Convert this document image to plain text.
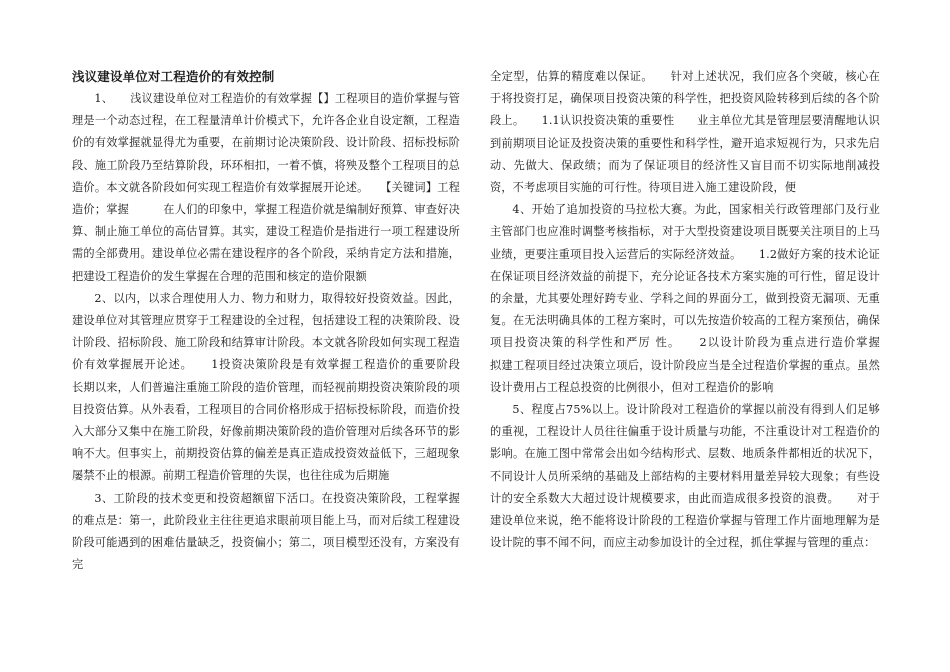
浅议建设单位对工程造价的有效控制

1、　　浅议建设单位对工程造价的有效掌握【】工程项目的造价掌握与管理是一个动态过程，在工程量清单计价模式下，允许各企业自设定额，工程造价的有效掌握就显得尤为重要，在前期讨论决策阶段、设计阶段、招标投标阶段、施工阶段乃至结算阶段，环环相扣，一着不慎，将殃及整个工程项目的总造价。本文就各阶段如何实现工程造价有效掌握展开论述。　　【关键词】工程造价；掌握　　　在人们的印象中，掌握工程造价就是编制好预算、审查好决算、制止施工单位的高估冒算。其实，建设工程造价是指进行一项工程建设所需的全部费用。建设单位必需在建设程序的各个阶段，采纳肯定方法和措施，把建设工程造价的发生掌握在合理的范围和核定的造价限额

2、以内，以求合理使用人力、物力和财力，取得较好投资效益。因此，建设单位对其管理应贯穿于工程建设的全过程，包括建设工程的决策阶段、设计阶段、招标阶段、施工阶段和结算审计阶段。本文就各阶段如何实现工程造价有效掌握展开论述。　　1投资决策阶段是有效掌握工程造价的重要阶段　　长期以来，人们普遍注重施工阶段的造价管理，而轻视前期投资决策阶段的项目投资估算。从外表看，工程项目的合同价格形成于招标投标阶段，而造价投入大部分又集中在施工阶段，好像前期决策阶段的造价管理对后续各环节的影响不大。但事实上，前期投资估算的偏差是真正造成投资效益低下，三超现象屡禁不止的根源。前期工程造价管理的失误，也往往成为后期施

3、工阶段的技术变更和投资超额留下活口。在投资决策阶段，工程掌握的难点是：第一，此阶段业主往往更追求眼前项目能上马，而对后续工程建设阶段可能遇到的困难估量缺乏，投资偏小；第二，项目模型还没有，方案没有完

全定型，估算的精度难以保证。　　针对上述状况，我们应各个突破，核心在于将投资打足，确保项目投资决策的科学性，把投资风险转移到后续的各个阶段上。　　1.1认识投资决策的重要性　　业主单位尤其是管理层要清醒地认识到前期项目论证及投资决策的重要性和科学性，避开追求短视行为，只求先启动、先做大、保政绩；而为了保证项目的经济性又盲目而不切实际地削减投资，不考虑项目实施的可行性。待项目进入施工建设阶段，便

4、开始了追加投资的马拉松大赛。为此，国家相关行政管理部门及行业主管部门也应准时调整考核指标，对于大型投资建设项目既要关注项目的上马业绩，更要注重项目投入运营后的实际经济效益。　　1.2做好方案的技术论证　　在保证项目经济效益的前提下，充分论证各技术方案实施的可行性，留足设计的余量，尤其要处理好跨专业、学科之间的界面分工，做到投资无漏项、无重复。在无法明确具体的工程方案时，可以先按造价较高的工程方案预估，确保项目投资决策的科学性和严厉 性。　　2以设计阶段为重点进行造价掌握　　拟建工程项目经过决策立项后，设计阶段应当是全过程造价掌握的重点。虽然设计费用占工程总投资的比例很小，但对工程造价的影响

5、程度占75%以上。设计阶段对工程造价的掌握以前没有得到人们足够的重视，工程设计人员往往偏重于设计质量与功能，不注重设计对工程造价的影响。在施工图中常常会出如今结构形式、层数、地质条件都相近的状况下，不同设计人员所采纳的基础及上部结构的主要材料用量差异较大现象；有些设计的安全系数大大超过设计规模要求，由此而造成很多投资的浪费。　　对于建设单位来说，绝不能将设计阶段的工程造价掌握与管理工作片面地理解为是设计院的事不闻不问，而应主动参加设计的全过程，抓住掌握与管理的重点：
